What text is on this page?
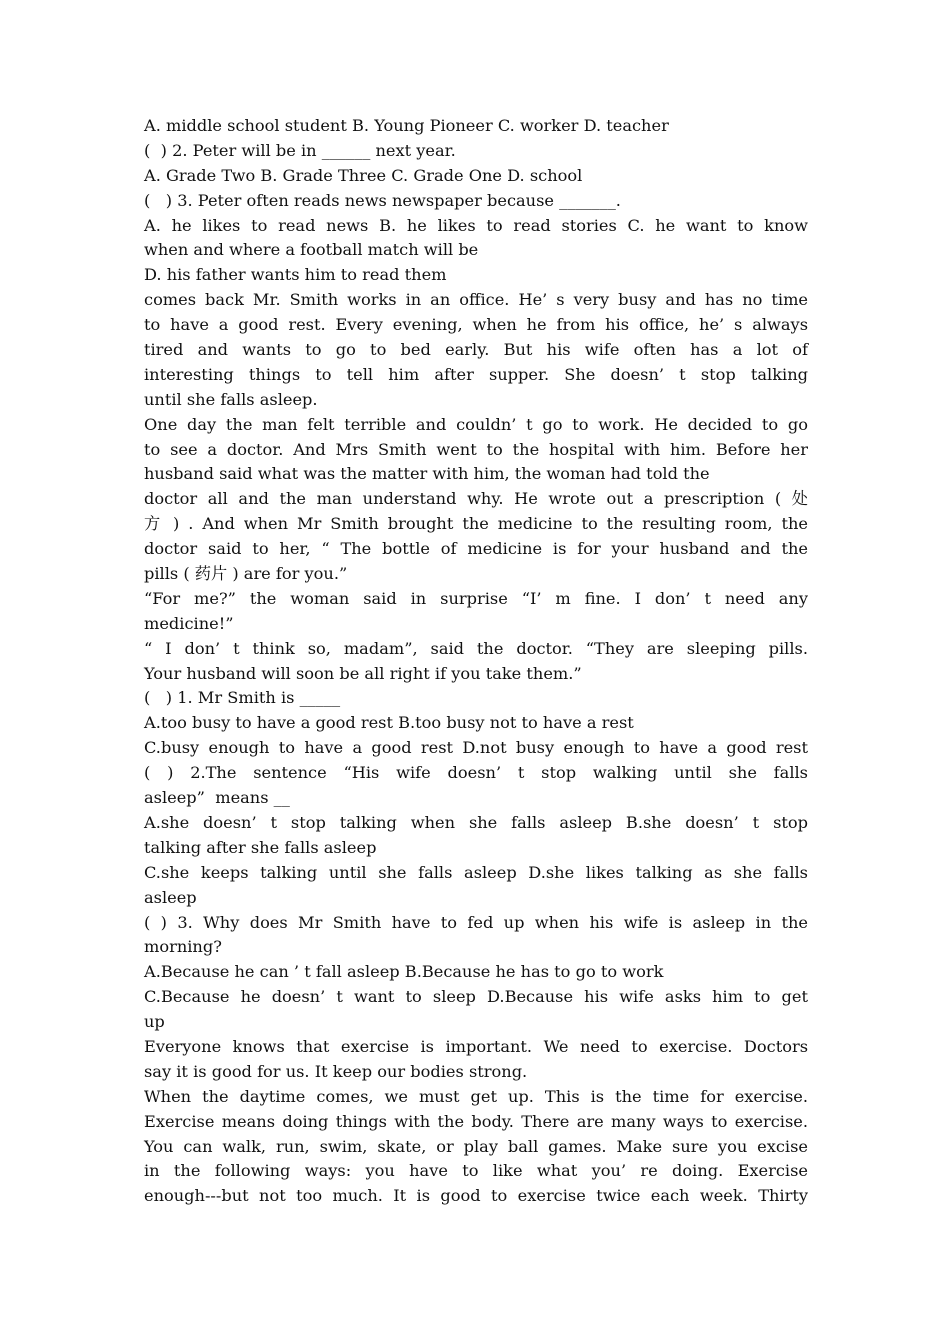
A. middle school student B. Young Pioneer C. worker D. teacher
(  ) 2. Peter will be in ______ next year.
A. Grade Two B. Grade Three C. Grade One D. school
(   ) 3. Peter often reads news newspaper because _______.
A. he likes to read news B. he likes to read stories C. he want to know
when and where a football match will be
D. his father wants him to read them
comes back Mr. Smith works in an office. He’ s very busy and has no time
to have a good rest. Every evening, when he from his office, he’ s always
tired and wants to go to bed early. But his wife often has a lot of
interesting things to tell him after supper. She doesn’ t stop talking
until she falls asleep.
One day the man felt terrible and couldn’ t go to work. He decided to go
to see a doctor. And Mrs Smith went to the hospital with him. Before her
husband said what was the matter with him, the woman had told the
doctor all and the man understand why. He wrote out a prescription ( 处
方 ) . And when Mr Smith brought the medicine to the resulting room, the
doctor said to her, “ The bottle of medicine is for your husband and the
pills ( 药片 ) are for you.”
“For me?” the woman said in surprise “I’ m fine. I don’ t need any
medicine!”
“ I don’ t think so, madam”, said the doctor. “They are sleeping pills.
Your husband will soon be all right if you take them.”
(   ) 1. Mr Smith is _____
A.too busy to have a good rest B.too busy not to have a rest
C.busy enough to have a good rest D.not busy enough to have a good rest
( ) 2.The sentence “His wife doesn’ t stop walking until she falls
asleep”  means __
A.she doesn’ t stop talking when she falls asleep B.she doesn’ t stop
talking after she falls asleep
C.she keeps talking until she falls asleep D.she likes talking as she falls
asleep
( ) 3. Why does Mr Smith have to fed up when his wife is asleep in the
morning?
A.Because he can ’ t fall asleep B.Because he has to go to work
C.Because he doesn’ t want to sleep D.Because his wife asks him to get
up
Everyone knows that exercise is important. We need to exercise. Doctors
say it is good for us. It keep our bodies strong.
When the daytime comes, we must get up. This is the time for exercise.
Exercise means doing things with the body. There are many ways to exercise.
You can walk, run, swim, skate, or play ball games. Make sure you excise
in the following ways: you have to like what you’ re doing. Exercise
enough---but not too much. It is good to exercise twice each week. Thirty
